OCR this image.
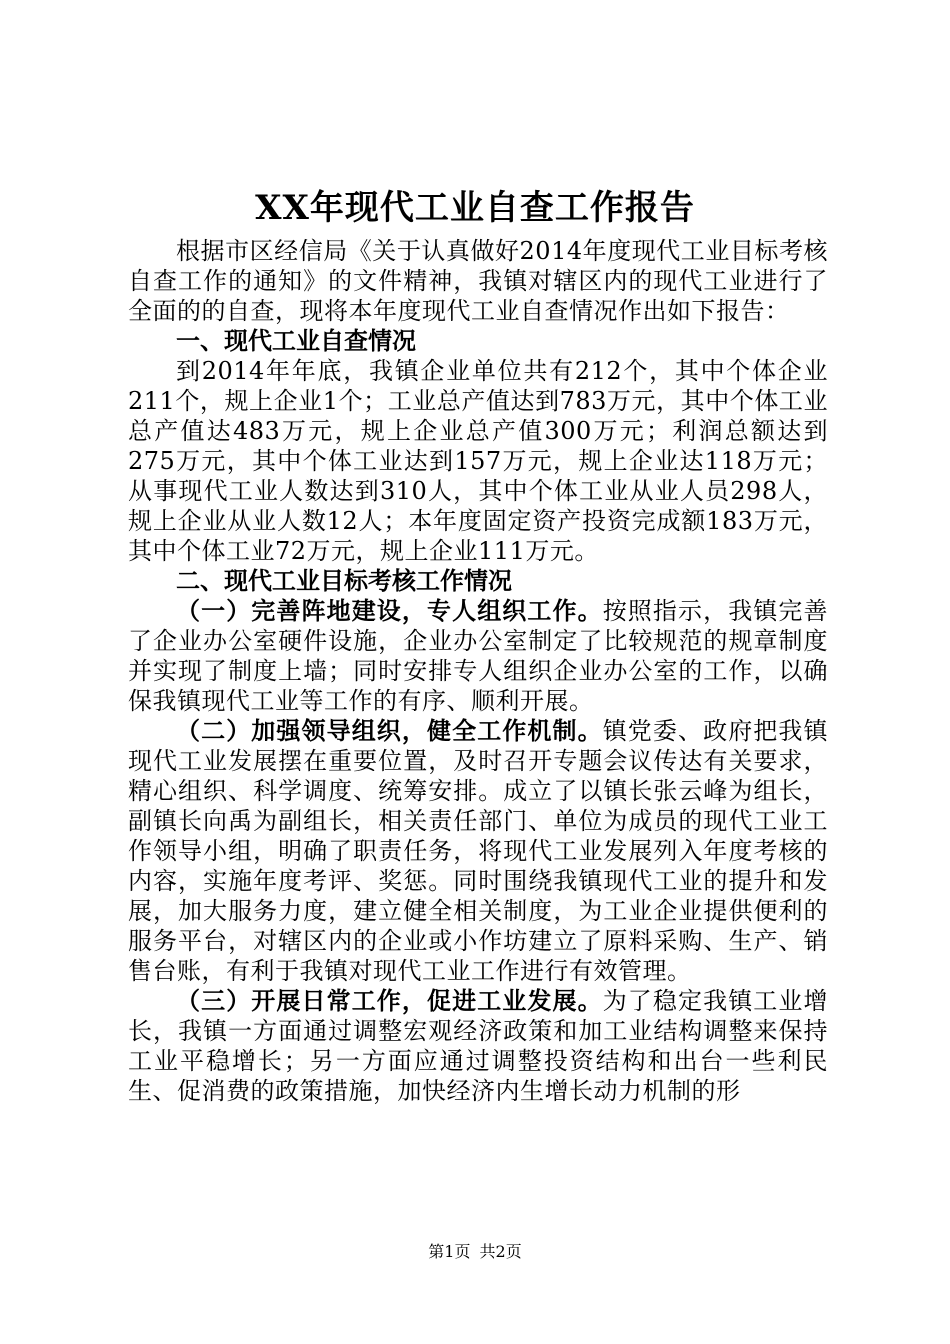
XX年现代工业自查工作报告

根据市区经信局《关于认真做好2014年度现代工业目标考核自查工作的通知》的文件精神，我镇对辖区内的现代工业进行了全面的的自查，现将本年度现代工业自查情况作出如下报告：

一、现代工业自查情况

到2014年年底，我镇企业单位共有212个，其中个体企业211个，规上企业1个；工业总产值达到783万元，其中个体工业总产值达483万元，规上企业总产值300万元；利润总额达到275万元，其中个体工业达到157万元，规上企业达118万元；从事现代工业人数达到310人，其中个体工业从业人员298人，规上企业从业人数12人；本年度固定资产投资完成额183万元，其中个体工业72万元，规上企业111万元。

二、现代工业目标考核工作情况

（一）完善阵地建设，专人组织工作。按照指示，我镇完善了企业办公室硬件设施，企业办公室制定了比较规范的规章制度并实现了制度上墙；同时安排专人组织企业办公室的工作，以确保我镇现代工业等工作的有序、顺利开展。

（二）加强领导组织，健全工作机制。镇党委、政府把我镇现代工业发展摆在重要位置，及时召开专题会议传达有关要求，精心组织、科学调度、统筹安排。成立了以镇长张云峰为组长，副镇长向禹为副组长，相关责任部门、单位为成员的现代工业工作领导小组，明确了职责任务，将现代工业发展列入年度考核的内容，实施年度考评、奖惩。同时围绕我镇现代工业的提升和发展，加大服务力度，建立健全相关制度，为工业企业提供便利的服务平台，对辖区内的企业或小作坊建立了原料采购、生产、销售台账，有利于我镇对现代工业工作进行有效管理。

（三）开展日常工作，促进工业发展。为了稳定我镇工业增长，我镇一方面通过调整宏观经济政策和加工业结构调整来保持工业平稳增长；另一方面应通过调整投资结构和出台一些利民生、促消费的政策措施，加快经济内生增长动力机制的形

第1页 共2页
